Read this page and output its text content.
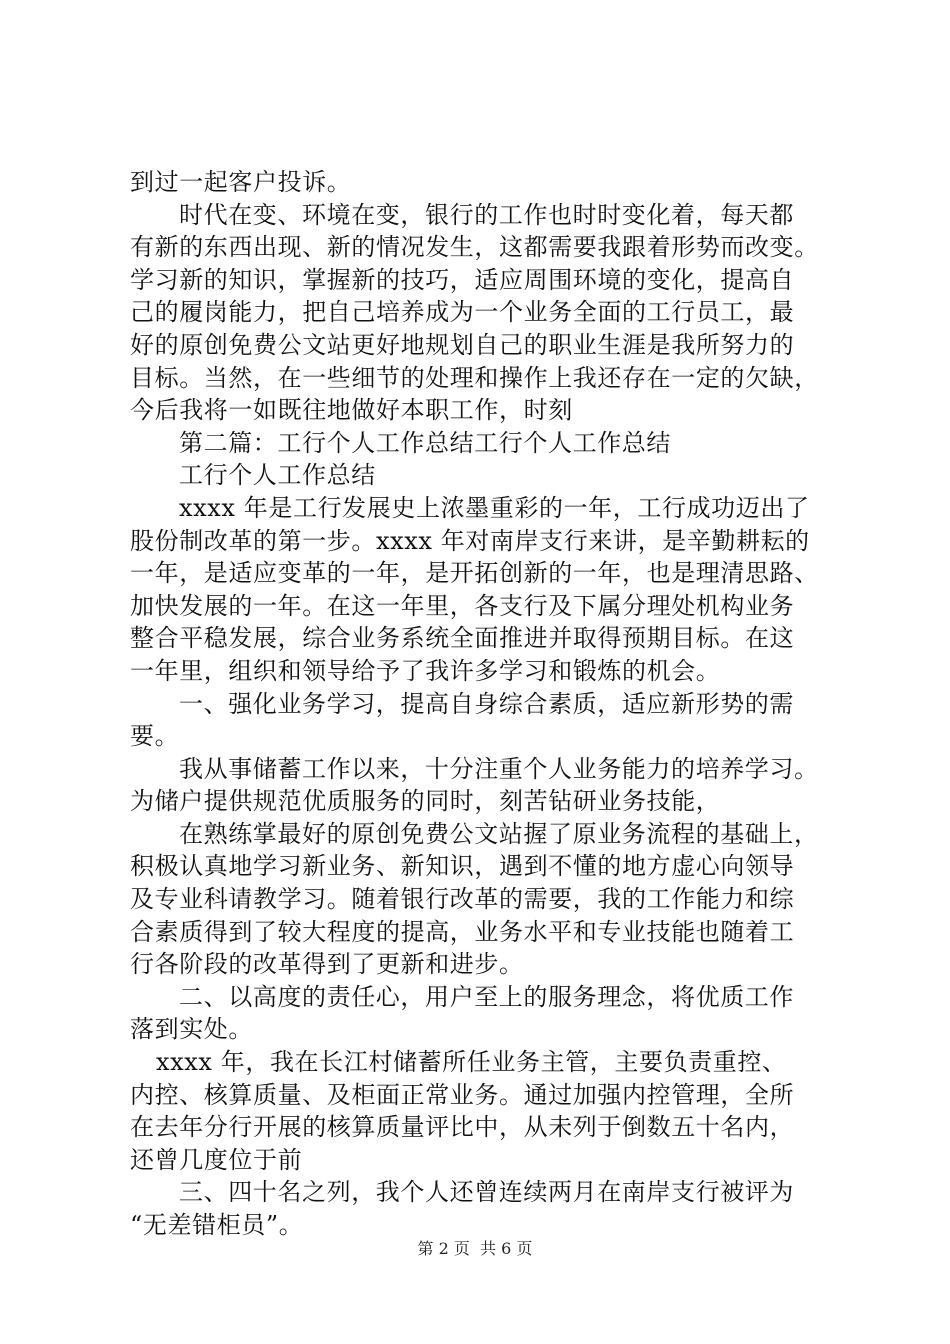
到过一起客户投诉。
时代在变、环境在变，银行的工作也时时变化着，每天都
有新的东西出现、新的情况发生，这都需要我跟着形势而改变。
学习新的知识，掌握新的技巧，适应周围环境的变化，提高自
己的履岗能力，把自己培养成为一个业务全面的工行员工，最
好的原创免费公文站更好地规划自己的职业生涯是我所努力的
目标。当然，在一些细节的处理和操作上我还存在一定的欠缺，
今后我将一如既往地做好本职工作，时刻
第二篇：工行个人工作总结工行个人工作总结
工行个人工作总结
xxxx 年是工行发展史上浓墨重彩的一年，工行成功迈出了
股份制改革的第一步。xxxx 年对南岸支行来讲，是辛勤耕耘的
一年，是适应变革的一年，是开拓创新的一年，也是理清思路、
加快发展的一年。在这一年里，各支行及下属分理处机构业务
整合平稳发展，综合业务系统全面推进并取得预期目标。在这
一年里，组织和领导给予了我许多学习和锻炼的机会。
一、强化业务学习，提高自身综合素质，适应新形势的需
要。
我从事储蓄工作以来，十分注重个人业务能力的培养学习。
为储户提供规范优质服务的同时，刻苦钻研业务技能，
在熟练掌最好的原创免费公文站握了原业务流程的基础上，
积极认真地学习新业务、新知识，遇到不懂的地方虚心向领导
及专业科请教学习。随着银行改革的需要，我的工作能力和综
合素质得到了较大程度的提高，业务水平和专业技能也随着工
行各阶段的改革得到了更新和进步。
二、以高度的责任心，用户至上的服务理念，将优质工作
落到实处。
xxxx 年，我在长江村储蓄所任业务主管，主要负责重控、
内控、核算质量、及柜面正常业务。通过加强内控管理，全所
在去年分行开展的核算质量评比中，从未列于倒数五十名内，
还曾几度位于前
三、四十名之列，我个人还曾连续两月在南岸支行被评为
“无差错柜员”。
第 2 页  共 6 页
